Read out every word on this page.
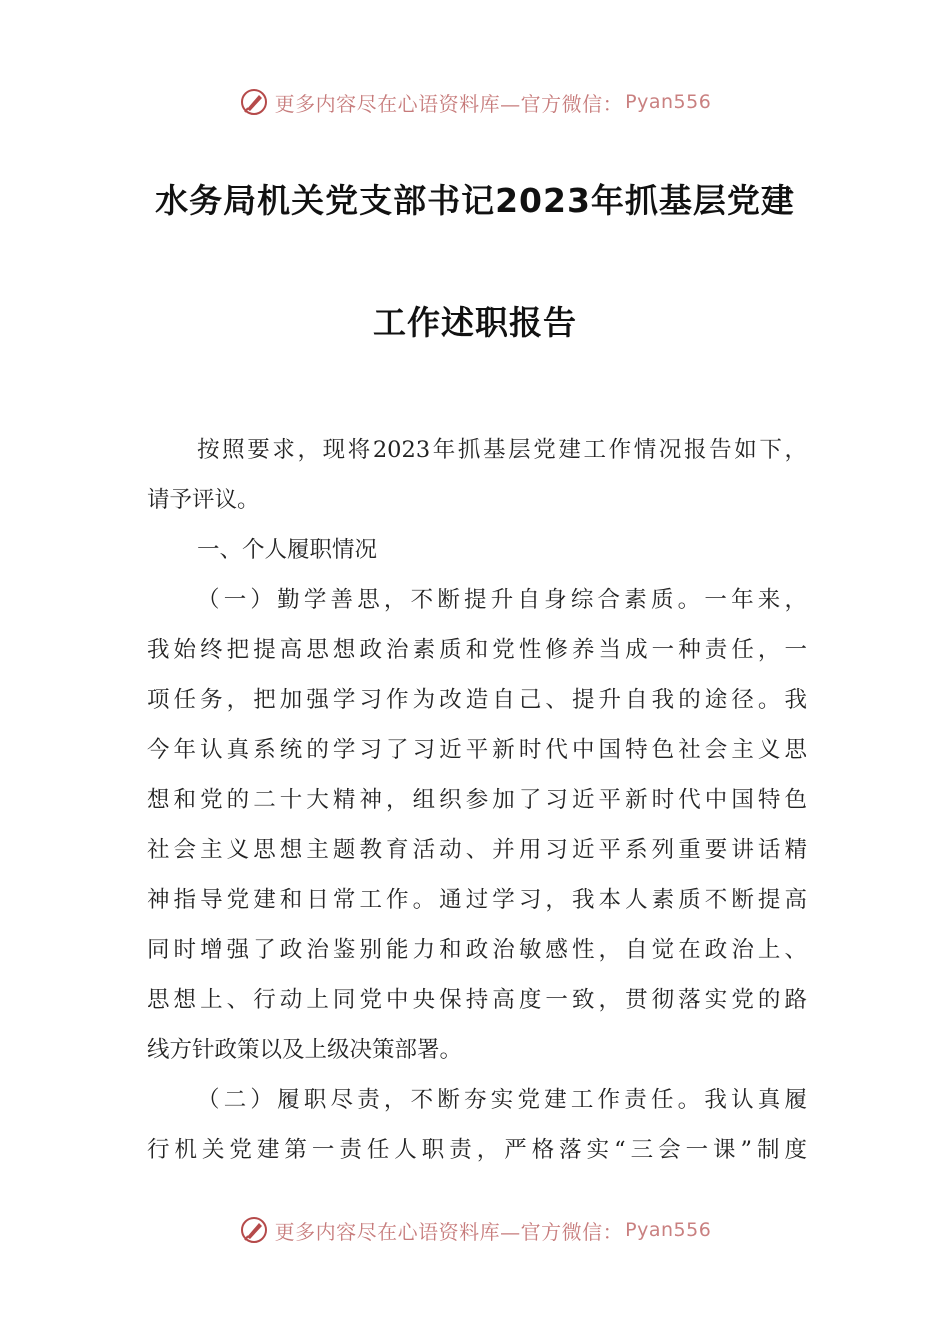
更多内容尽在心语资料库—官方微信： Pyan556
水务局机关党支部书记2023年抓基层党建
工作述职报告
按照要求，现将2023年抓基层党建工作情况报告如下，
请予评议。
一、个人履职情况
（一）勤学善思，不断提升自身综合素质。一年来，
我始终把提高思想政治素质和党性修养当成一种责任，一
项任务，把加强学习作为改造自己、提升自我的途径。我
今年认真系统的学习了习近平新时代中国特色社会主义思
想和党的二十大精神，组织参加了习近平新时代中国特色
社会主义思想主题教育活动、并用习近平系列重要讲话精
神指导党建和日常工作。通过学习，我本人素质不断提高
同时增强了政治鉴别能力和政治敏感性，自觉在政治上、
思想上、行动上同党中央保持高度一致，贯彻落实党的路
线方针政策以及上级决策部署。
（二）履职尽责，不断夯实党建工作责任。我认真履
行机关党建第一责任人职责，严格落实“三会一课”制度
更多内容尽在心语资料库—官方微信： Pyan556
